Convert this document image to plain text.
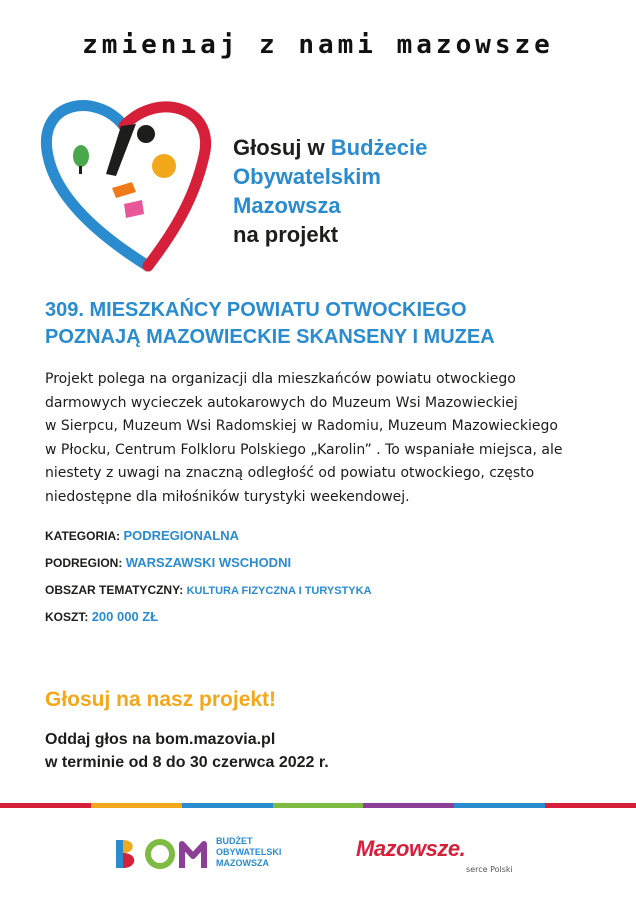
zmienıaj z nami mazowsze
Głosuj w Budżecie
Obywatelskim
Mazowsza
na projekt
309. MIESZKAŃCY POWIATU OTWOCKIEGO
POZNAJĄ MAZOWIECKIE SKANSENY I MUZEA
Projekt polega na organizacji dla mieszkańców powiatu otwockiego
darmowych wycieczek autokarowych do Muzeum Wsi Mazowieckiej
w Sierpcu, Muzeum Wsi Radomskiej w Radomiu, Muzeum Mazowieckiego
w Płocku, Centrum Folkloru Polskiego „Karolin” . To wspaniałe miejsca, ale
niestety z uwagi na znaczną odległość od powiatu otwockiego, często
niedostępne dla miłośników turystyki weekendowej.
KATEGORIA: PODREGIONALNA
PODREGION: WARSZAWSKI WSCHODNI
OBSZAR TEMATYCZNY: KULTURA FIZYCZNA I TURYSTYKA
KOSZT: 200 000 ZŁ
Głosuj na nasz projekt!
Oddaj głos na bom.mazovia.pl
w terminie od 8 do 30 czerwca 2022 r.
BUDŻET
OBYWATELSKI
MAZOWSZA
Mazowsze.
serce Polski
